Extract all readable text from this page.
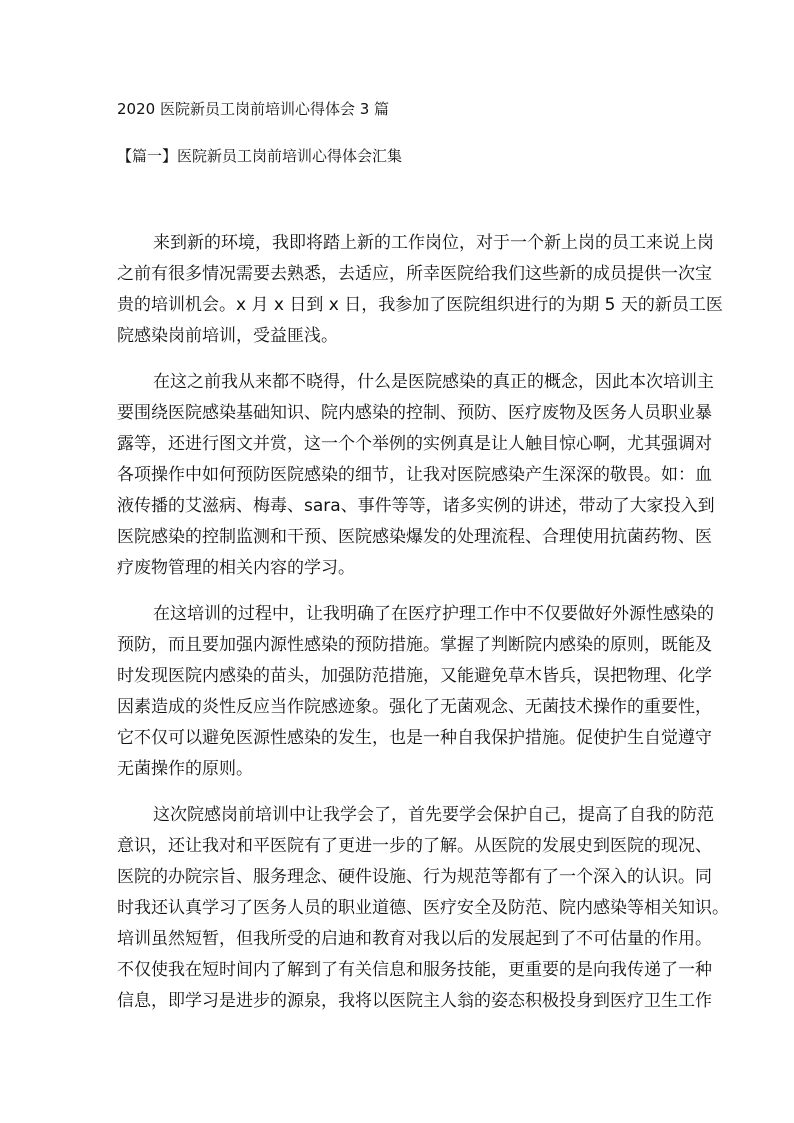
2020 医院新员工岗前培训心得体会 3 篇
【篇一】医院新员工岗前培训心得体会汇集
来到新的环境，我即将踏上新的工作岗位，对于一个新上岗的员工来说上岗
之前有很多情况需要去熟悉，去适应，所幸医院给我们这些新的成员提供一次宝
贵的培训机会。x 月 x 日到 x 日，我参加了医院组织进行的为期 5 天的新员工医
院感染岗前培训，受益匪浅。
在这之前我从来都不晓得，什么是医院感染的真正的概念，因此本次培训主
要围绕医院感染基础知识、院内感染的控制、预防、医疗废物及医务人员职业暴
露等，还进行图文并赏，这一个个举例的实例真是让人触目惊心啊，尤其强调对
各项操作中如何预防医院感染的细节，让我对医院感染产生深深的敬畏。如：血
液传播的艾滋病、梅毒、sara、事件等等，诸多实例的讲述，带动了大家投入到
医院感染的控制监测和干预、医院感染爆发的处理流程、合理使用抗菌药物、医
疗废物管理的相关内容的学习。
在这培训的过程中，让我明确了在医疗护理工作中不仅要做好外源性感染的
预防，而且要加强内源性感染的预防措施。掌握了判断院内感染的原则，既能及
时发现医院内感染的苗头，加强防范措施，又能避免草木皆兵，误把物理、化学
因素造成的炎性反应当作院感迹象。强化了无菌观念、无菌技术操作的重要性，
它不仅可以避免医源性感染的发生，也是一种自我保护措施。促使护生自觉遵守
无菌操作的原则。
这次院感岗前培训中让我学会了，首先要学会保护自己，提高了自我的防范
意识，还让我对和平医院有了更进一步的了解。从医院的发展史到医院的现况、
医院的办院宗旨、服务理念、硬件设施、行为规范等都有了一个深入的认识。同
时我还认真学习了医务人员的职业道德、医疗安全及防范、院内感染等相关知识。
培训虽然短暂，但我所受的启迪和教育对我以后的发展起到了不可估量的作用。
不仅使我在短时间内了解到了有关信息和服务技能，更重要的是向我传递了一种
信息，即学习是进步的源泉，我将以医院主人翁的姿态积极投身到医疗卫生工作
